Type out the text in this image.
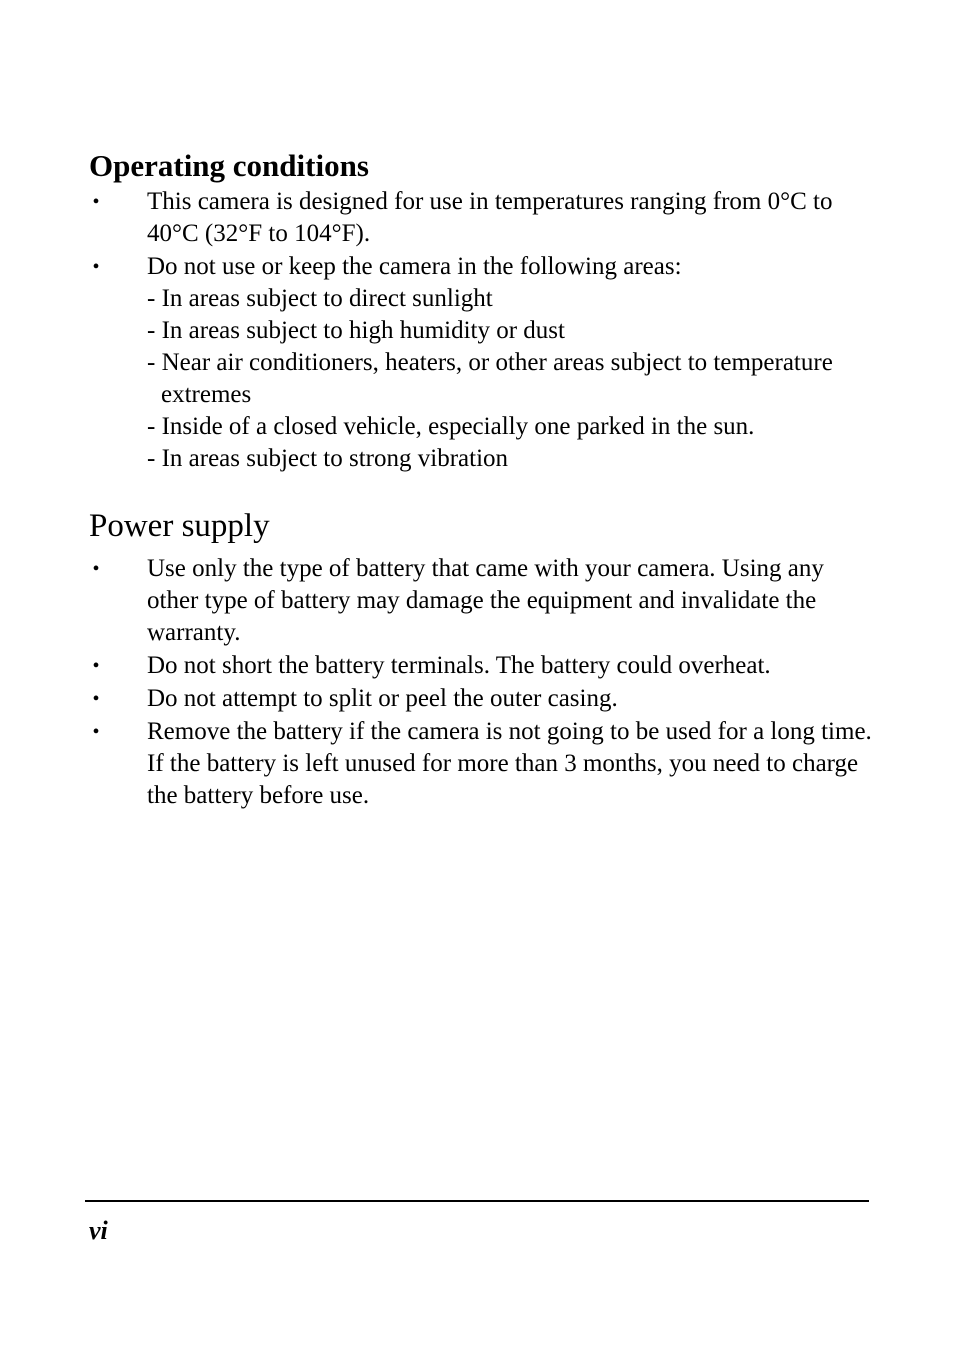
Operating conditions
• This camera is designed for use in temperatures ranging from 0°C to 40°C (32°F to 104°F).
• Do not use or keep the camera in the following areas:
- In areas subject to direct sunlight
- In areas subject to high humidity or dust
- Near air conditioners, heaters, or other areas subject to temperature extremes
- Inside of a closed vehicle, especially one parked in the sun.
- In areas subject to strong vibration
Power supply
• Use only the type of battery that came with your camera. Using any other type of battery may damage the equipment and invalidate the warranty.
• Do not short the battery terminals. The battery could overheat.
• Do not attempt to split or peel the outer casing.
• Remove the battery if the camera is not going to be used for a long time. If the battery is left unused for more than 3 months, you need to charge the battery before use.
vi
